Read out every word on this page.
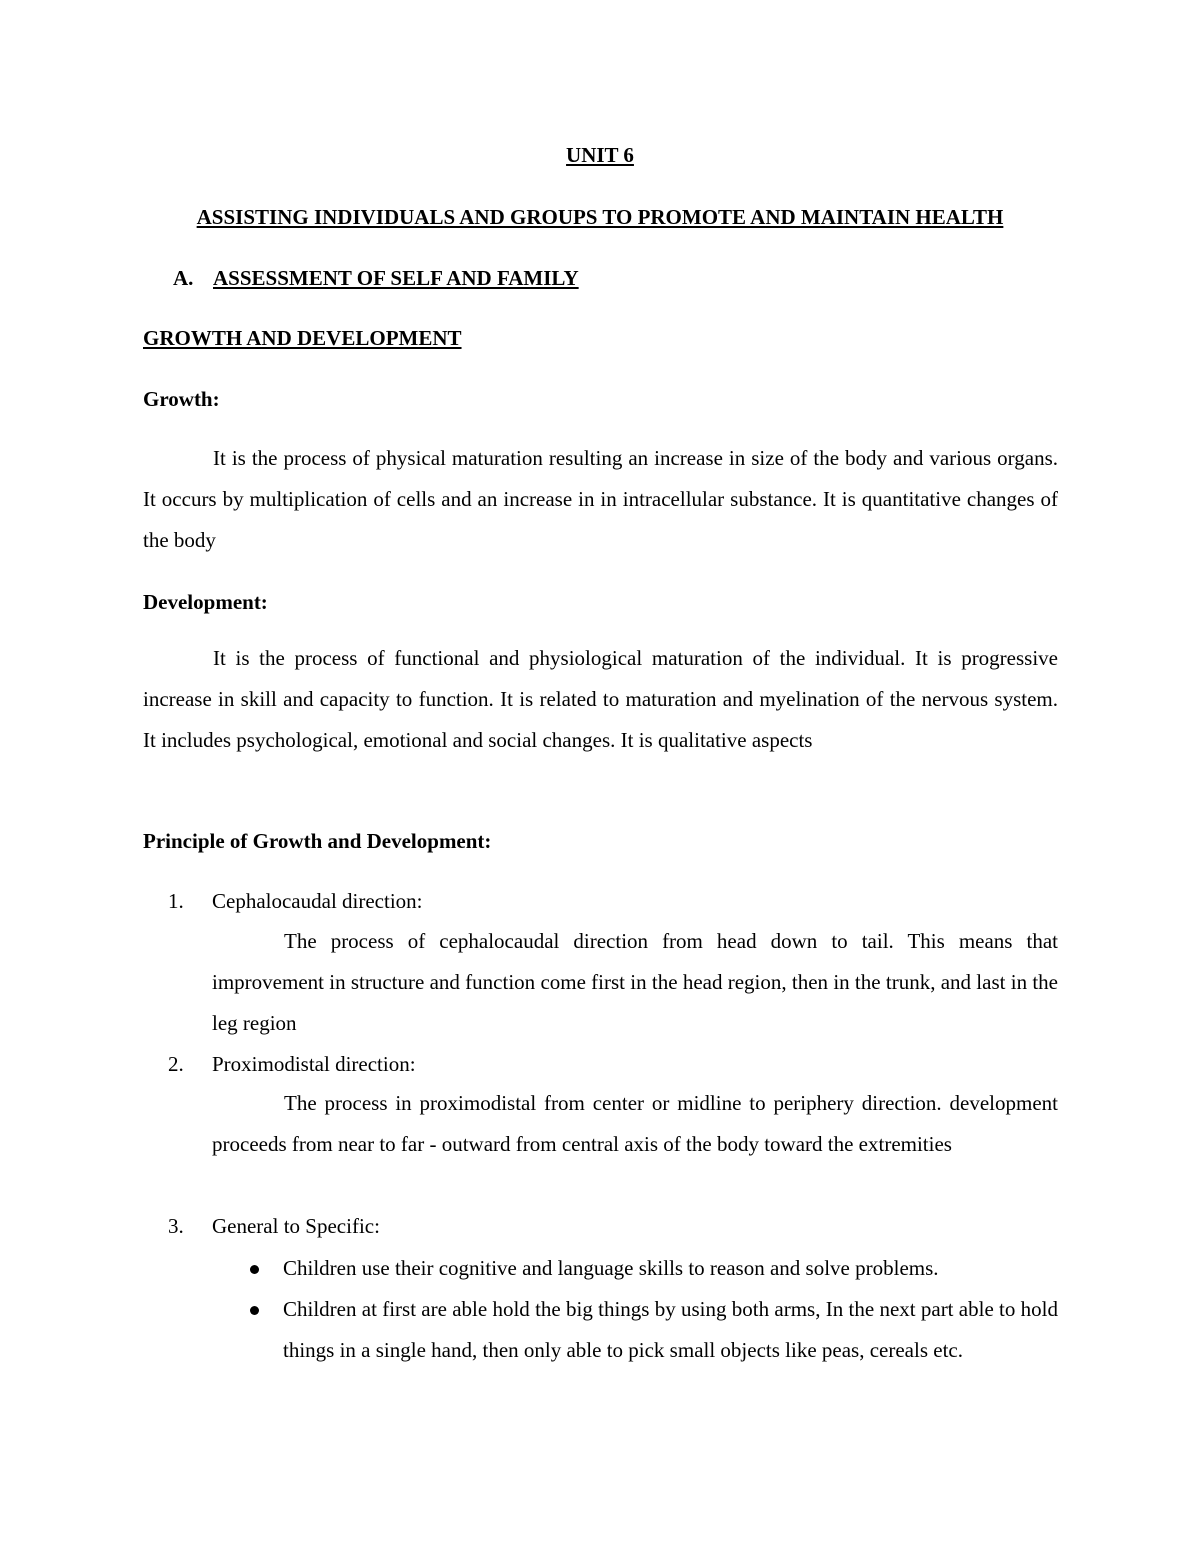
UNIT 6
ASSISTING INDIVIDUALS AND GROUPS TO PROMOTE AND MAINTAIN HEALTH
A. ASSESSMENT OF SELF AND FAMILY
GROWTH AND DEVELOPMENT
Growth:
It is the process of physical maturation resulting an increase in size of the body and various organs. It occurs by multiplication of cells and an increase in in intracellular substance. It is quantitative changes of the body
Development:
It is the process of functional and physiological maturation of the individual. It is progressive increase in skill and capacity to function. It is related to maturation and myelination of the nervous system. It includes psychological, emotional and social changes. It is qualitative aspects
Principle of Growth and Development:
1. Cephalocaudal direction:
The process of cephalocaudal direction from head down to tail. This means that improvement in structure and function come first in the head region, then in the trunk, and last in the leg region
2. Proximodistal direction:
The process in proximodistal from center or midline to periphery direction. development proceeds from near to far - outward from central axis of the body toward the extremities
3. General to Specific:
Children use their cognitive and language skills to reason and solve problems.
Children at first are able hold the big things by using both arms, In the next part able to hold things in a single hand, then only able to pick small objects like peas, cereals etc.
